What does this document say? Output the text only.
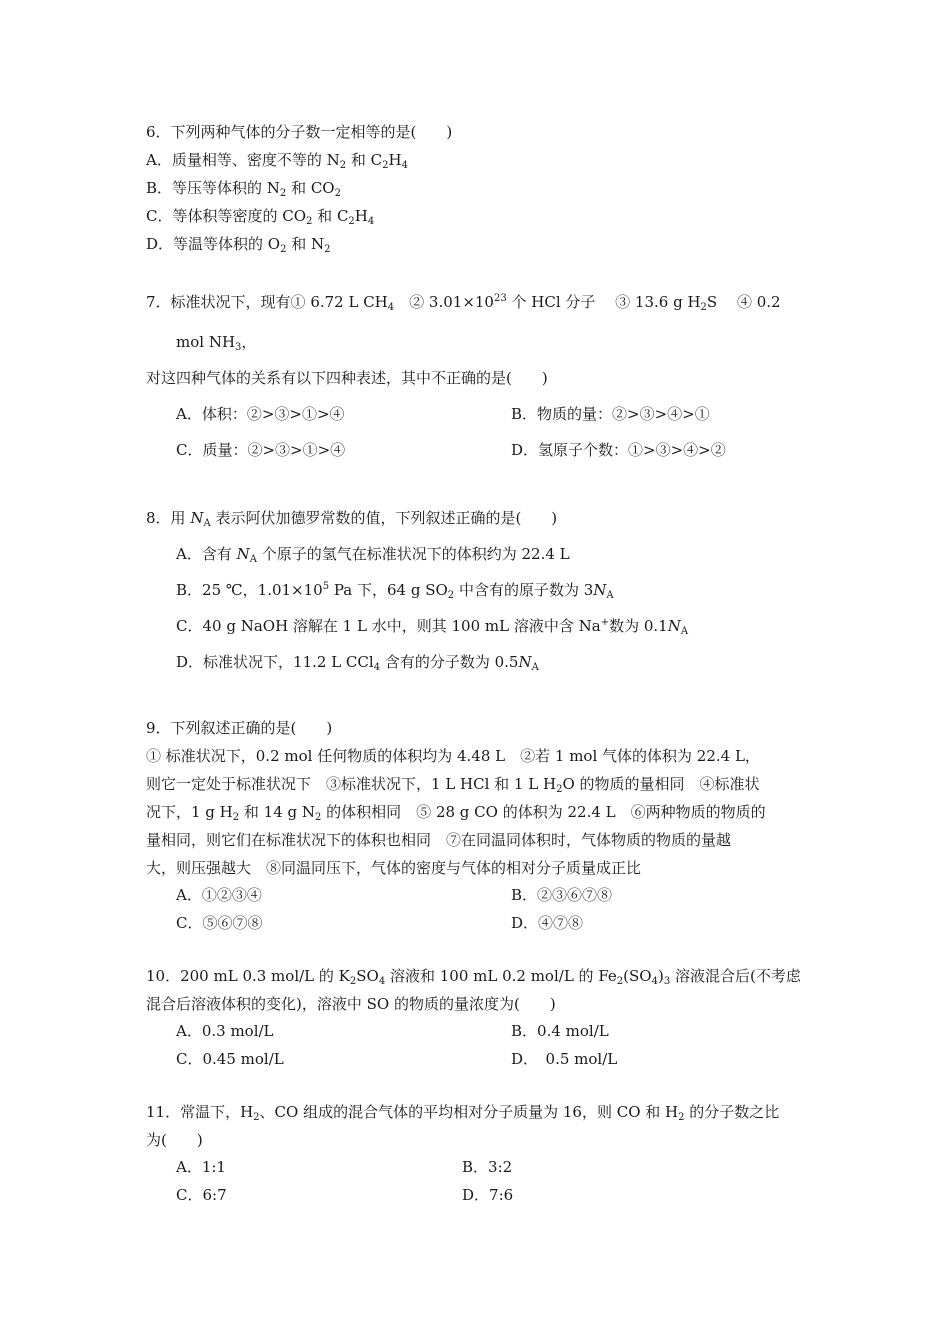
6．下列两种气体的分子数一定相等的是(　　)
A．质量相等、密度不等的 $N_2$ 和 $C_2H_4$
B．等压等体积的 $N_2$ 和 $CO_2$
C．等体积等密度的 $CO_2$ 和 $C_2H_4$
D．等温等体积的 $O_2$ 和 $N_2$
7．标准状况下，现有① 6.72 L $CH_4$　② $3.01\times 10^{23}$ 个 HCl 分子　 ③ 13.6 g $H_2S$　 ④ 0.2
mol $NH_3$，
对这四种气体的关系有以下四种表述，其中不正确的是(　　)
A．体积：②>③>①>④	B．物质的量：②>③>④>①
C．质量：②>③>①>④	D．氢原子个数：①>③>④>②
8．用 $N_A$ 表示阿伏加德罗常数的值，下列叙述正确的是(　　)
A．含有 $N_A$ 个原子的氢气在标准状况下的体积约为 22.4 L
B．25 ℃，$1.01\times 10^5$ Pa 下，64 g $SO_2$ 中含有的原子数为 $3N_A$
C．40 g NaOH 溶解在 1 L 水中，则其 100 mL 溶液中含 Na+数为 $0.1N_A$
D．标准状况下，11.2 L CCl$_4$ 含有的分子数为 $0.5N_A$
9．下列叙述正确的是(　　)
① 标准状况下，0.2 mol 任何物质的体积均为 4.48 L　②若 1 mol 气体的体积为 22.4 L，
则它一定处于标准状况下　③标准状况下，1 L HCl 和 1 L $H_2O$ 的物质的量相同　④标准状
况下，1 g $H_2$ 和 14 g $N_2$ 的体积相同　⑤ 28 g CO 的体积为 22.4 L　⑥两种物质的物质的
量相同，则它们在标准状况下的体积也相同　⑦在同温同体积时，气体物质的物质的量越
大，则压强越大　⑧同温同压下，气体的密度与气体的相对分子质量成正比
A．①②③④	B．②③⑥⑦⑧
C．⑤⑥⑦⑧	D．④⑦⑧
10．200 mL 0.3 mol/L 的 $K_2SO_4$ 溶液和 100 mL 0.2 mol/L 的 $Fe_2(SO_4)_3$ 溶液混合后(不考虑
混合后溶液体积的变化)，溶液中 SO 的物质的量浓度为(　　)
A．0.3 mol/L	B．0.4 mol/L
C．0.45 mol/L	D．　0.5 mol/L
11．常温下，$H_2$、CO 组成的混合气体的平均相对分子质量为 16，则 CO 和 $H_2$ 的分子数之比
为(　　)
A．1:1	B．3:2
C．6:7	D．7:6
